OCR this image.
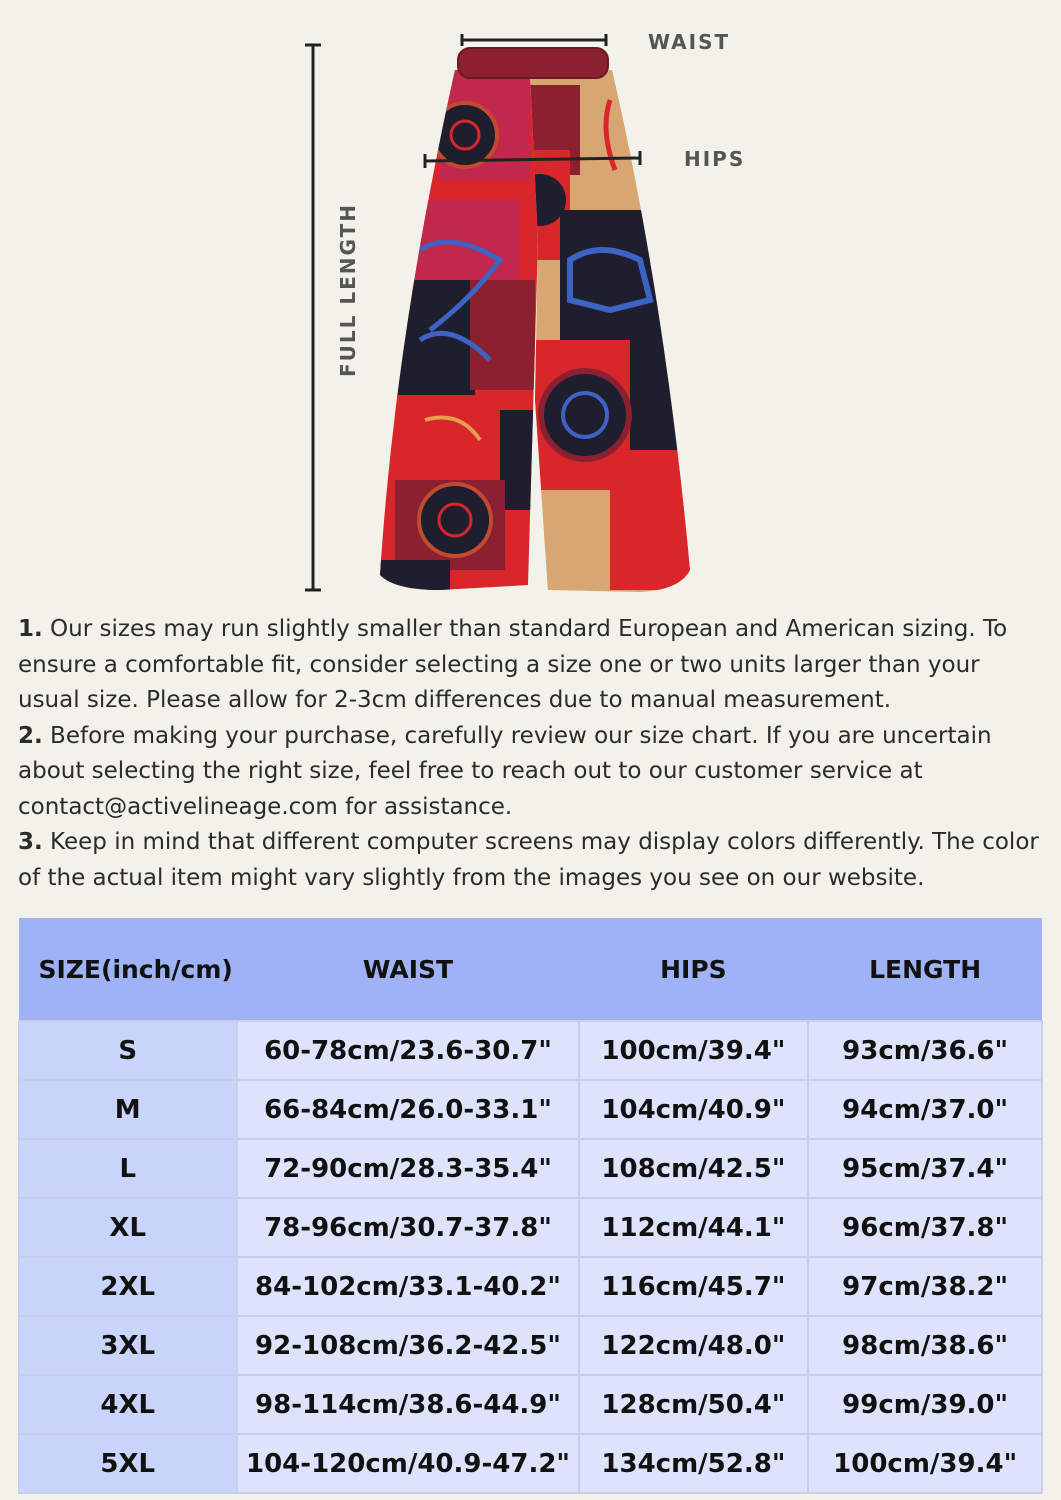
WAIST
HIPS
FULL LENGTH

1. Our sizes may run slightly smaller than standard European and American sizing. To ensure a comfortable fit, consider selecting a size one or two units larger than your usual size. Please allow for 2-3cm differences due to manual measurement.

2. Before making your purchase, carefully review our size chart. If you are uncertain about selecting the right size, feel free to reach out to our customer service at contact@activelineage.com for assistance.

3. Keep in mind that different computer screens may display colors differently. The color of the actual item might vary slightly from the images you see on our website.

SIZE(inch/cm)	WAIST	HIPS	LENGTH
S	60-78cm/23.6-30.7"	100cm/39.4"	93cm/36.6"
M	66-84cm/26.0-33.1"	104cm/40.9"	94cm/37.0"
L	72-90cm/28.3-35.4"	108cm/42.5"	95cm/37.4"
XL	78-96cm/30.7-37.8"	112cm/44.1"	96cm/37.8"
2XL	84-102cm/33.1-40.2"	116cm/45.7"	97cm/38.2"
3XL	92-108cm/36.2-42.5"	122cm/48.0"	98cm/38.6"
4XL	98-114cm/38.6-44.9"	128cm/50.4"	99cm/39.0"
5XL	104-120cm/40.9-47.2"	134cm/52.8"	100cm/39.4"
